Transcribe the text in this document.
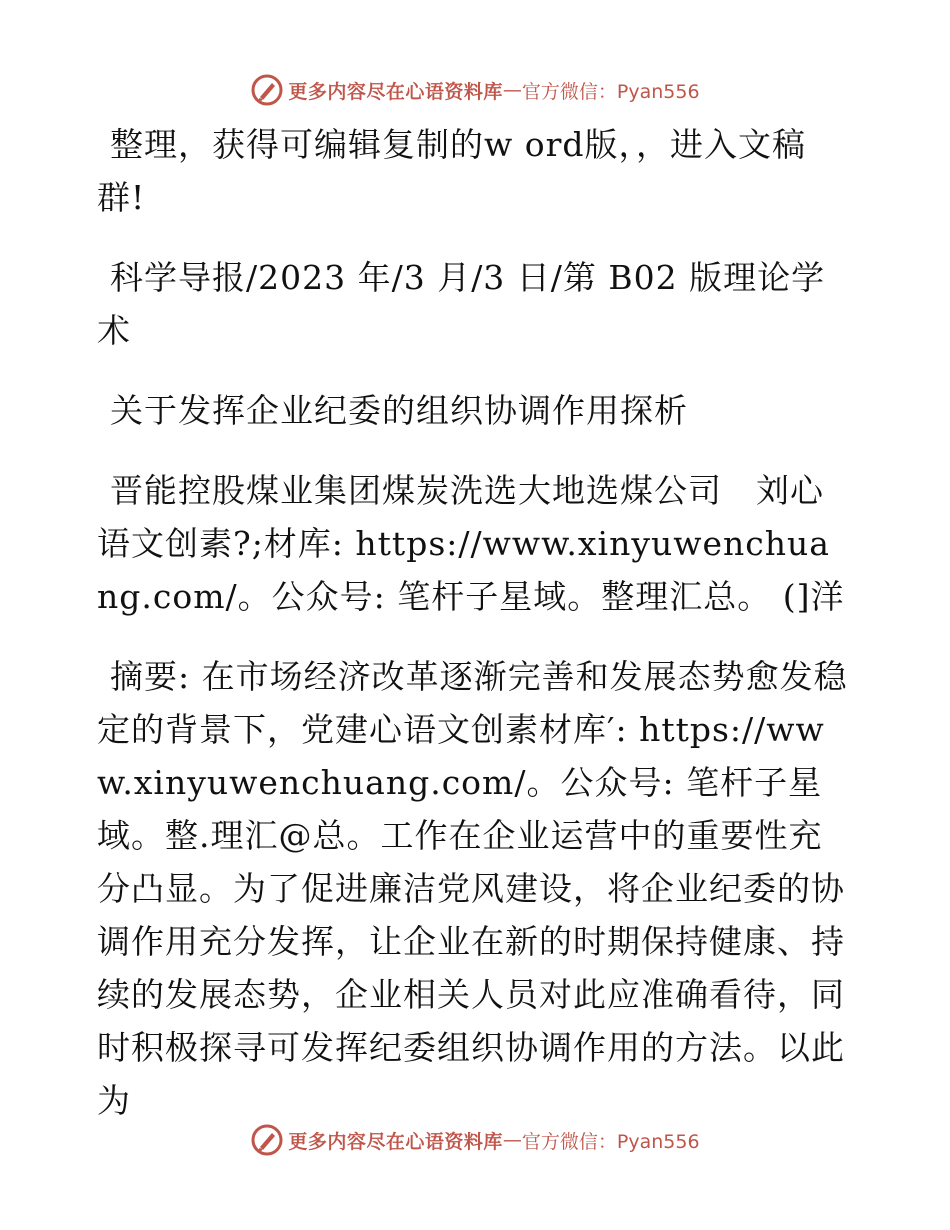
更多内容尽在心语资料库 — 官方微信：Pyan556

整理，获得可编辑复制的w ord版，，进入文稿群!

科学导报/2023 年/3 月/3 日/第 B02 版理论学术

关于发挥企业纪委的组织协调作用探析

晋能控股煤业集团煤炭洗选大地选煤公司　刘心语文创素?;材库: https://www.xinyuwenchuang.com/。公众号: 笔杆子星域。整理汇总。 (]洋

摘要: 在市场经济改革逐渐完善和发展态势愈发稳定的背景下，党建心语文创素材库′: https://www.xinyuwenchuang.com/。公众号: 笔杆子星域。整.理汇@总。工作在企业运营中的重要性充分凸显。为了促进廉洁党风建设，将企业纪委的协调作用充分发挥，让企业在新的时期保持健康、持续的发展态势，企业相关人员对此应准确看待，同时积极探寻可发挥纪委组织协调作用的方法。以此为

更多内容尽在心语资料库 — 官方微信：Pyan556
